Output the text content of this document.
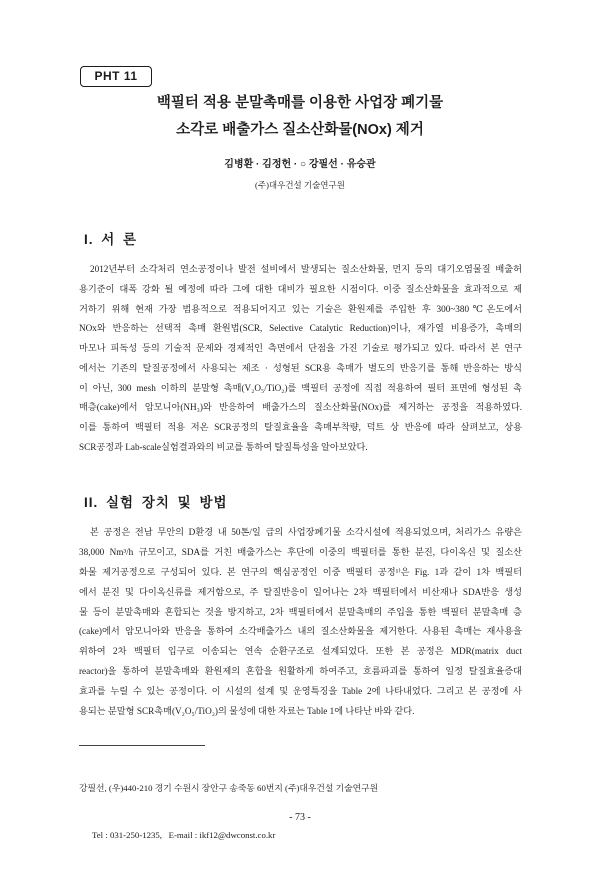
PHT 11
백필터 적용 분말촉매를 이용한 사업장 폐기물
소각로 배출가스 질소산화물(NOx) 제거
김병환 · 김정헌 · ○ 강필선 · 유승관
(주)대우건설 기술연구원
I. 서 론
2012년부터 소각처리 연소공정이나 발전 설비에서 발생되는 질소산화물, 먼지 등의 대기오염물질 배출허
용기준이 대폭 강화 될 예정에 따라 그에 대한 대비가 필요한 시점이다. 이중 질소산화물을 효과적으로 제
거하기 위해 현재 가장 범용적으로 적용되어지고 있는 기술은 환원제를 주입한 후 300~380℃온도에서
NOx와 반응하는 선택적 촉매 환원법(SCR, Selective Catalytic Reduction)이나, 재가열 비용증가, 촉매의
마모나 피독성 등의 기술적 문제와 경제적인 측면에서 단점을 가진 기술로 평가되고 있다. 따라서 본 연구
에서는 기존의 탈질공정에서 사용되는 제조 · 성형된 SCR용 촉매가 별도의 반응기를 통해 반응하는 방식
이 아닌, 300 mesh 이하의 분말형 촉매(V₂O₅/TiO₂)를 백필터 공정에 직접 적용하여 필터 표면에 형성된 촉
매층(cake)에서 암모니아(NH₃)와 반응하여 배출가스의 질소산화물(NOx)를 제거하는 공정을 적용하였다.
이를 통하여 백필터 적용 저온 SCR공정의 탈질효율을 촉매부착량, 덕트 상 반응에 따라 살펴보고, 상용
SCR공정과 Lab-scale실험결과와의 비교를 통하여 탈질특성을 알아보았다.
II. 실험 장치 및 방법
본 공정은 전남 무안의 D환경 내 50톤/일 급의 사업장폐기물 소각시설에 적용되었으며, 처리가스 유량은
38,000 Nm³/h 규모이고, SDA를 거친 배출가스는 후단에 이중의 백필터를 통한 분진, 다이옥신 및 질소산
화물 제거공정으로 구성되어 있다. 본 연구의 핵심공정인 이중 백필터 공정¹⁾은 Fig. 1과 같이 1차 백필터
에서 분진 및 다이옥신류를 제거함으로, 주 탈질반응이 일어나는 2차 백필터에서 비산재나 SDA반응 생성
물 등이 분말촉매와 혼합되는 것을 방지하고, 2차 백필터에서 분말촉매의 주입을 통한 백필터 분말촉매 층
(cake)에서 암모니아와 반응을 통하여 소각배출가스 내의 질소산화물을 제거한다. 사용된 촉매는 재사용을
위하여 2차 백필터 입구로 이송되는 연속 순환구조로 설계되었다. 또한 본 공정은 MDR(matrix duct
reactor)을 통하여 분말촉매와 환원제의 혼합을 원활하게 하여주고, 흐름파괴를 통하여 일정 탈질효율증대
효과를 누릴 수 있는 공정이다. 이 시설의 설계 및 운영특징을 Table 2에 나타내었다. 그리고 본 공정에 사
용되는 분말형 SCR촉매(V₂O₅/TiO₂)의 물성에 대한 자료는 Table 1에 나타난 바와 같다.

강필선, (우)440-210 경기 수원시 장안구 송죽동 60번지 (주)대우건설 기술연구원

Tel : 031-250-1235,   E-mail : ikf12@dwconst.co.kr

- 73 -
